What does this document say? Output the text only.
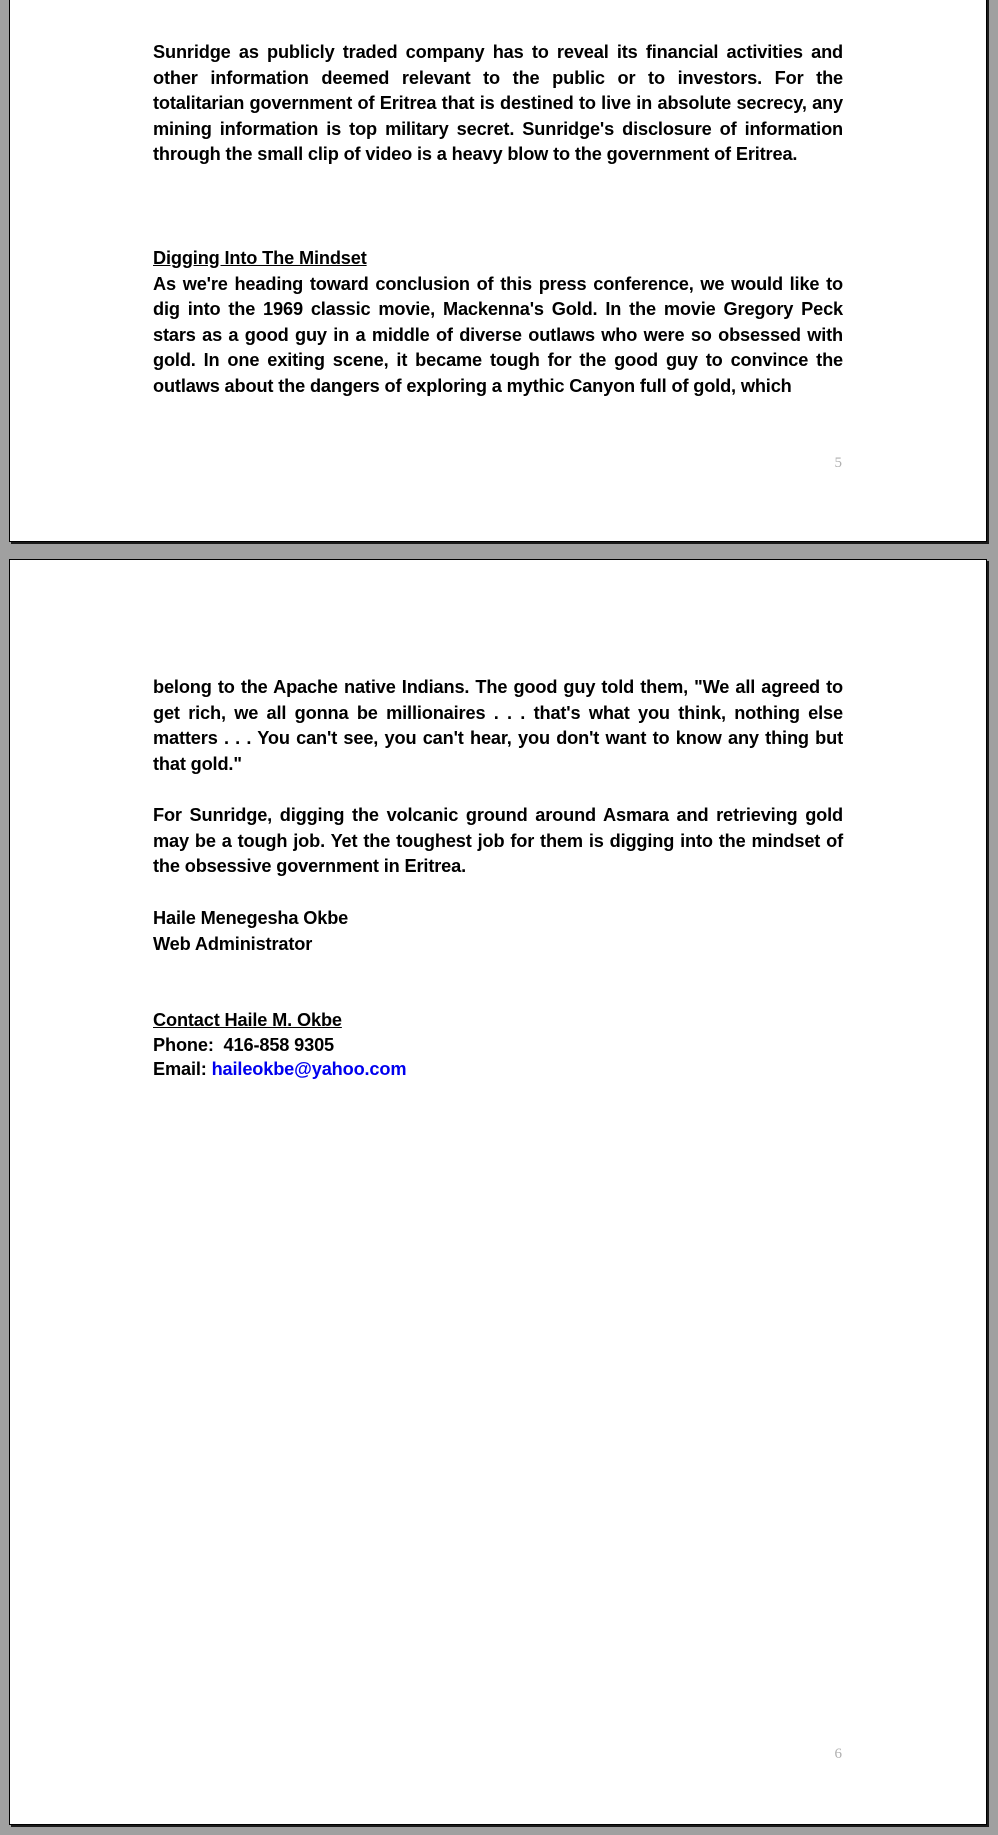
Sunridge as publicly traded company has to reveal its financial activities and other information deemed relevant to the public or to investors. For the totalitarian government of Eritrea that is destined to live in absolute secrecy, any mining information is top military secret. Sunridge's disclosure of information through the small clip of video is a heavy blow to the government of Eritrea.

Digging Into The Mindset

As we're heading toward conclusion of this press conference, we would like to dig into the 1969 classic movie, Mackenna's Gold. In the movie Gregory Peck stars as a good guy in a middle of diverse outlaws who were so obsessed with gold. In one exiting scene, it became tough for the good guy to convince the outlaws about the dangers of exploring a mythic Canyon full of gold, which

5

belong to the Apache native Indians. The good guy told them, "We all agreed to get rich, we all gonna be millionaires . . . that's what you think, nothing else matters . . . You can't see, you can't hear, you don't want to know any thing but that gold."

For Sunridge, digging the volcanic ground around Asmara and retrieving gold may be a tough job. Yet the toughest job for them is digging into the mindset of the obsessive government in Eritrea.

Haile Menegesha Okbe
Web Administrator
Contact Haile M. Okbe
Phone: 416-858 9305
Email: haileokbe@yahoo.com
6
